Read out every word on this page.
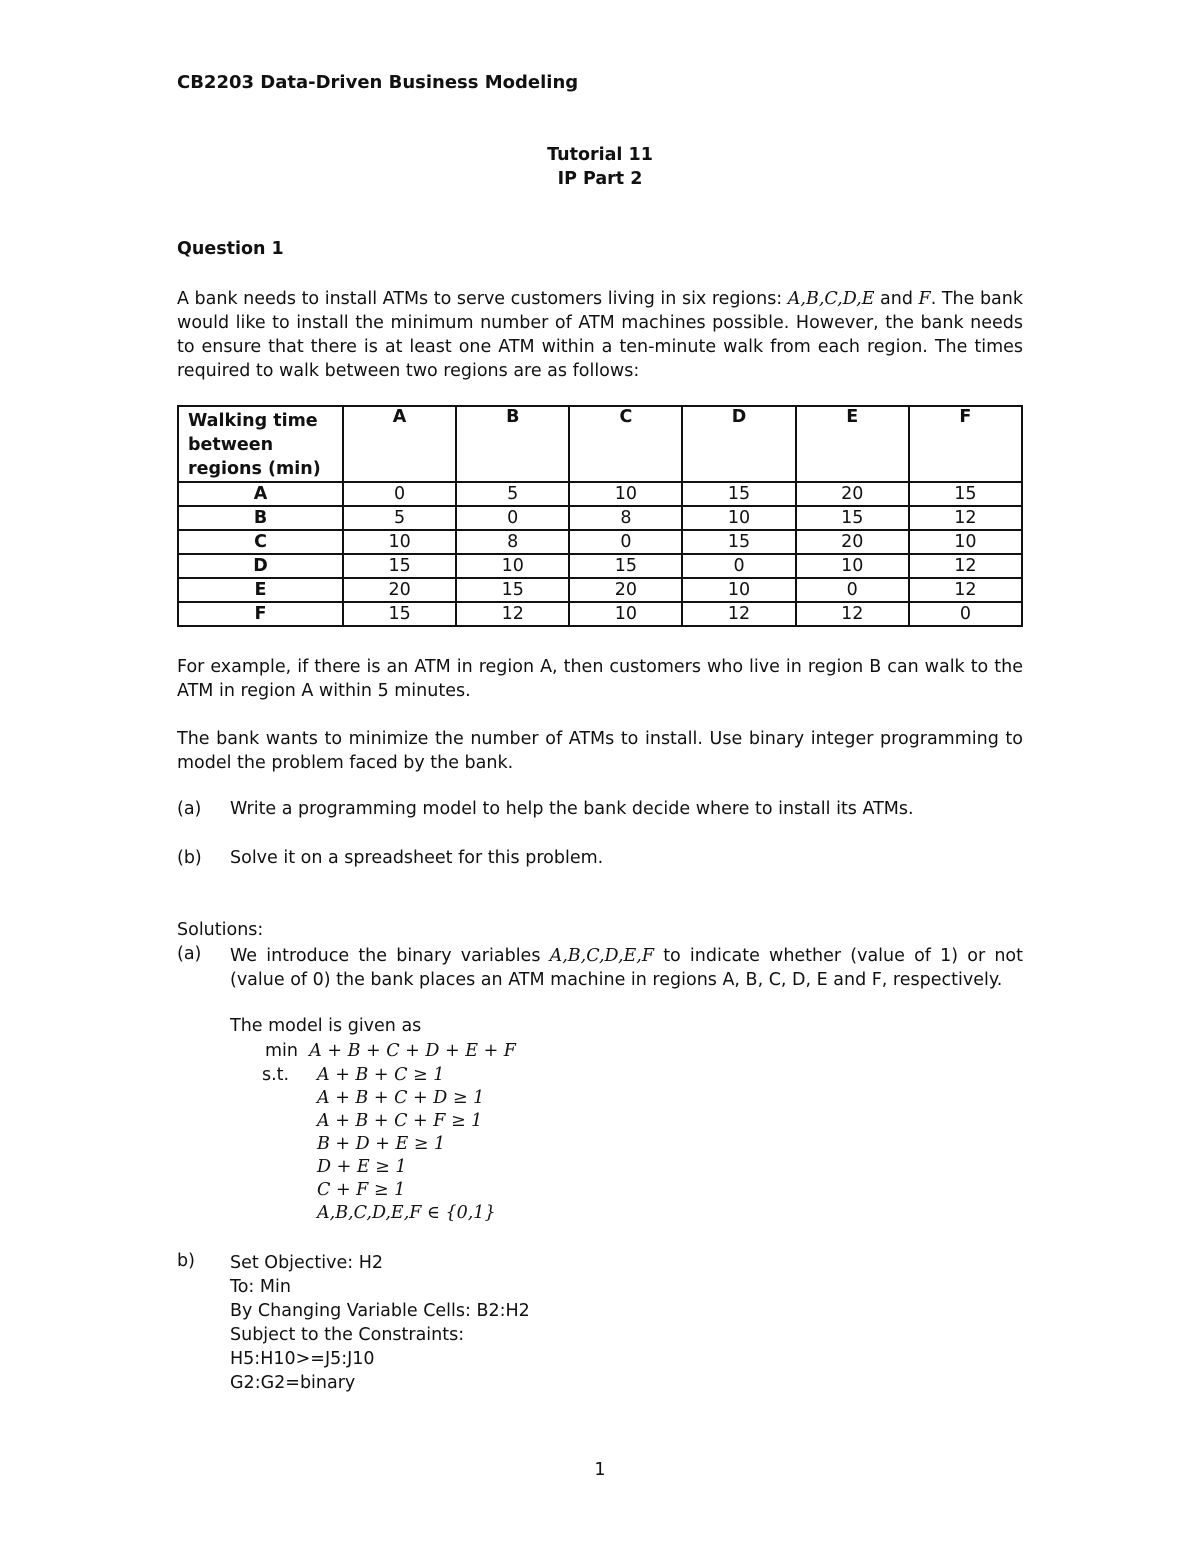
CB2203 Data-Driven Business Modeling
Tutorial 11
IP Part 2
Question 1
A bank needs to install ATMs to serve customers living in six regions: A,B,C,D,E and F. The bank would like to install the minimum number of ATM machines possible. However, the bank needs to ensure that there is at least one ATM within a ten-minute walk from each region. The times required to walk between two regions are as follows:
Walking time
between
regions (min)	A	B	C	D	E	F
A	0	5	10	15	20	15
B	5	0	8	10	15	12
C	10	8	0	15	20	10
D	15	10	15	0	10	12
E	20	15	20	10	0	12
F	15	12	10	12	12	0
For example, if there is an ATM in region A, then customers who live in region B can walk to the ATM in region A within 5 minutes.
The bank wants to minimize the number of ATMs to install. Use binary integer programming to model the problem faced by the bank.
(a) Write a programming model to help the bank decide where to install its ATMs.
(b) Solve it on a spreadsheet for this problem.
Solutions:
(a) We introduce the binary variables A,B,C,D,E,F to indicate whether (value of 1) or not (value of 0) the bank places an ATM machine in regions A, B, C, D, E and F, respectively.
The model is given as
min A + B + C + D + E + F
s.t. A + B + C ≥ 1
A + B + C + D ≥ 1
A + B + C + F ≥ 1
B + D + E ≥ 1
D + E ≥ 1
C + F ≥ 1
A,B,C,D,E,F ∈ {0,1}
b) Set Objective: H2
To: Min
By Changing Variable Cells: B2:H2
Subject to the Constraints:
H5:H10>=J5:J10
G2:G2=binary
1
